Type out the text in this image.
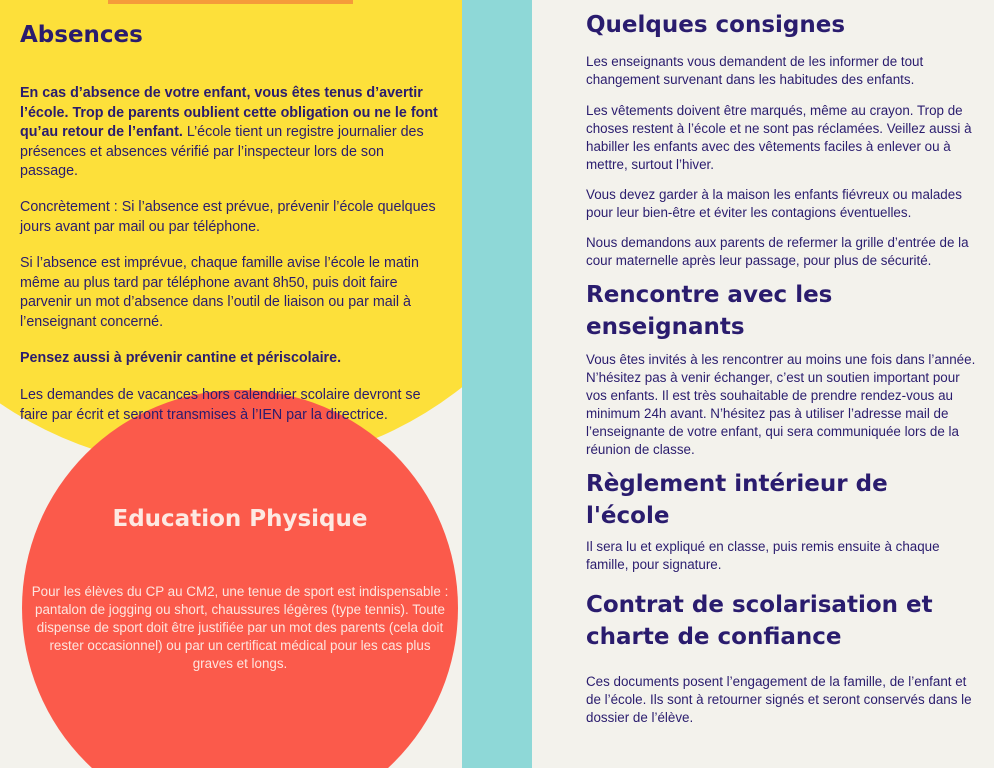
Absences

En cas d’absence de votre enfant, vous êtes tenus d’avertir l’école. Trop de parents oublient cette obligation ou ne le font qu’au retour de l’enfant. L’école tient un registre journalier des présences et absences vérifié par l’inspecteur lors de son passage.

Concrètement : Si l’absence est prévue, prévenir l’école quelques jours avant par mail ou par téléphone.

Si l’absence est imprévue, chaque famille avise l’école le matin même au plus tard par téléphone avant 8h50, puis doit faire parvenir un mot d’absence dans l’outil de liaison ou par mail à l’enseignant concerné.

Pensez aussi à prévenir cantine et périscolaire.

Les demandes de vacances hors calendrier scolaire devront se faire par écrit et seront transmises à l’IEN par la directrice.

Education Physique

Pour les élèves du CP au CM2, une tenue de sport est indispensable : pantalon de jogging ou short, chaussures légères (type tennis). Toute dispense de sport doit être justifiée par un mot des parents (cela doit rester occasionnel) ou par un certificat médical pour les cas plus graves et longs.

Quelques consignes

Les enseignants vous demandent de les informer de tout changement survenant dans les habitudes des enfants.

Les vêtements doivent être marqués, même au crayon. Trop de choses restent à l’école et ne sont pas réclamées. Veillez aussi à habiller les enfants avec des vêtements faciles à enlever ou à mettre, surtout l’hiver.

Vous devez garder à la maison les enfants fiévreux ou malades pour leur bien-être et éviter les contagions éventuelles.

Nous demandons aux parents de refermer la grille d’entrée de la cour maternelle après leur passage, pour plus de sécurité.

Rencontre avec les
enseignants

Vous êtes invités à les rencontrer au moins une fois dans l’année. N’hésitez pas à venir échanger, c’est un soutien important pour vos enfants. Il est très souhaitable de prendre rendez-vous au minimum 24h avant. N’hésitez pas à utiliser l’adresse mail de l’enseignante de votre enfant, qui sera communiquée lors de la réunion de classe.

Règlement intérieur de
l'école

Il sera lu et expliqué en classe, puis remis ensuite à chaque famille, pour signature.

Contrat de scolarisation et
charte de confiance

Ces documents posent l’engagement de la famille, de l’enfant et de l’école. Ils sont à retourner signés et seront conservés dans le dossier de l’élève.
